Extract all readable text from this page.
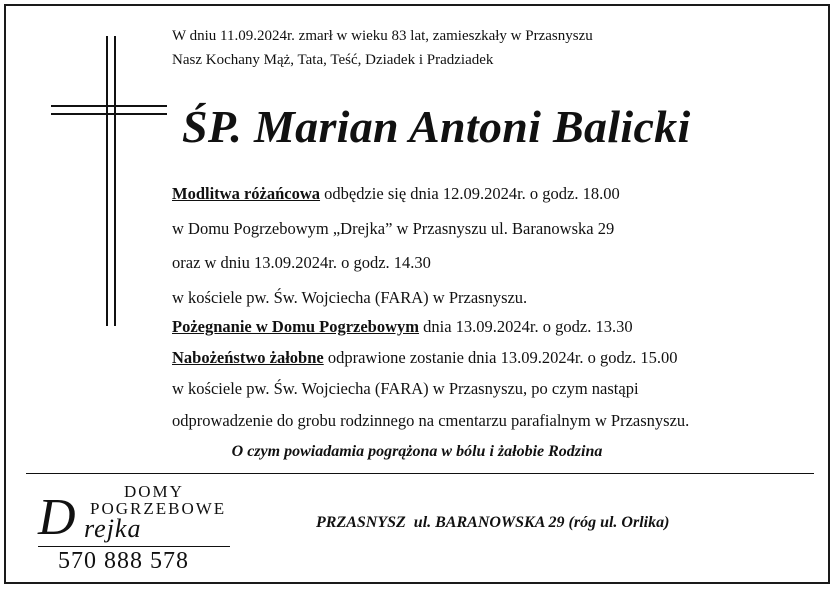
W dniu 11.09.2024r. zmarł w wieku 83 lat, zamieszkały w Przasnyszu
Nasz Kochany Mąż, Tata, Teść, Dziadek i Pradziadek
ŚP. Marian Antoni Balicki
Modlitwa różańcowa odbędzie się dnia 12.09.2024r. o godz. 18.00
w Domu Pogrzebowym „Drejka” w Przasnyszu ul. Baranowska 29
oraz w dniu 13.09.2024r. o godz. 14.30
w kościele pw. Św. Wojciecha (FARA) w Przasnyszu.
Pożegnanie w Domu Pogrzebowym dnia 13.09.2024r. o godz. 13.30
Nabożeństwo żałobne odprawione zostanie dnia 13.09.2024r. o godz. 15.00
w kościele pw. Św. Wojciecha (FARA) w Przasnyszu, po czym nastąpi
odprowadzenie do grobu rodzinnego na cmentarzu parafialnym w Przasnyszu.
O czym powiadamia pogrążona w bólu i żałobie Rodzina
DOMY
POGRZEBOWE
D rejka
570 888 578
PRZASNYSZ  ul. BARANOWSKA 29 (róg ul. Orlika)
